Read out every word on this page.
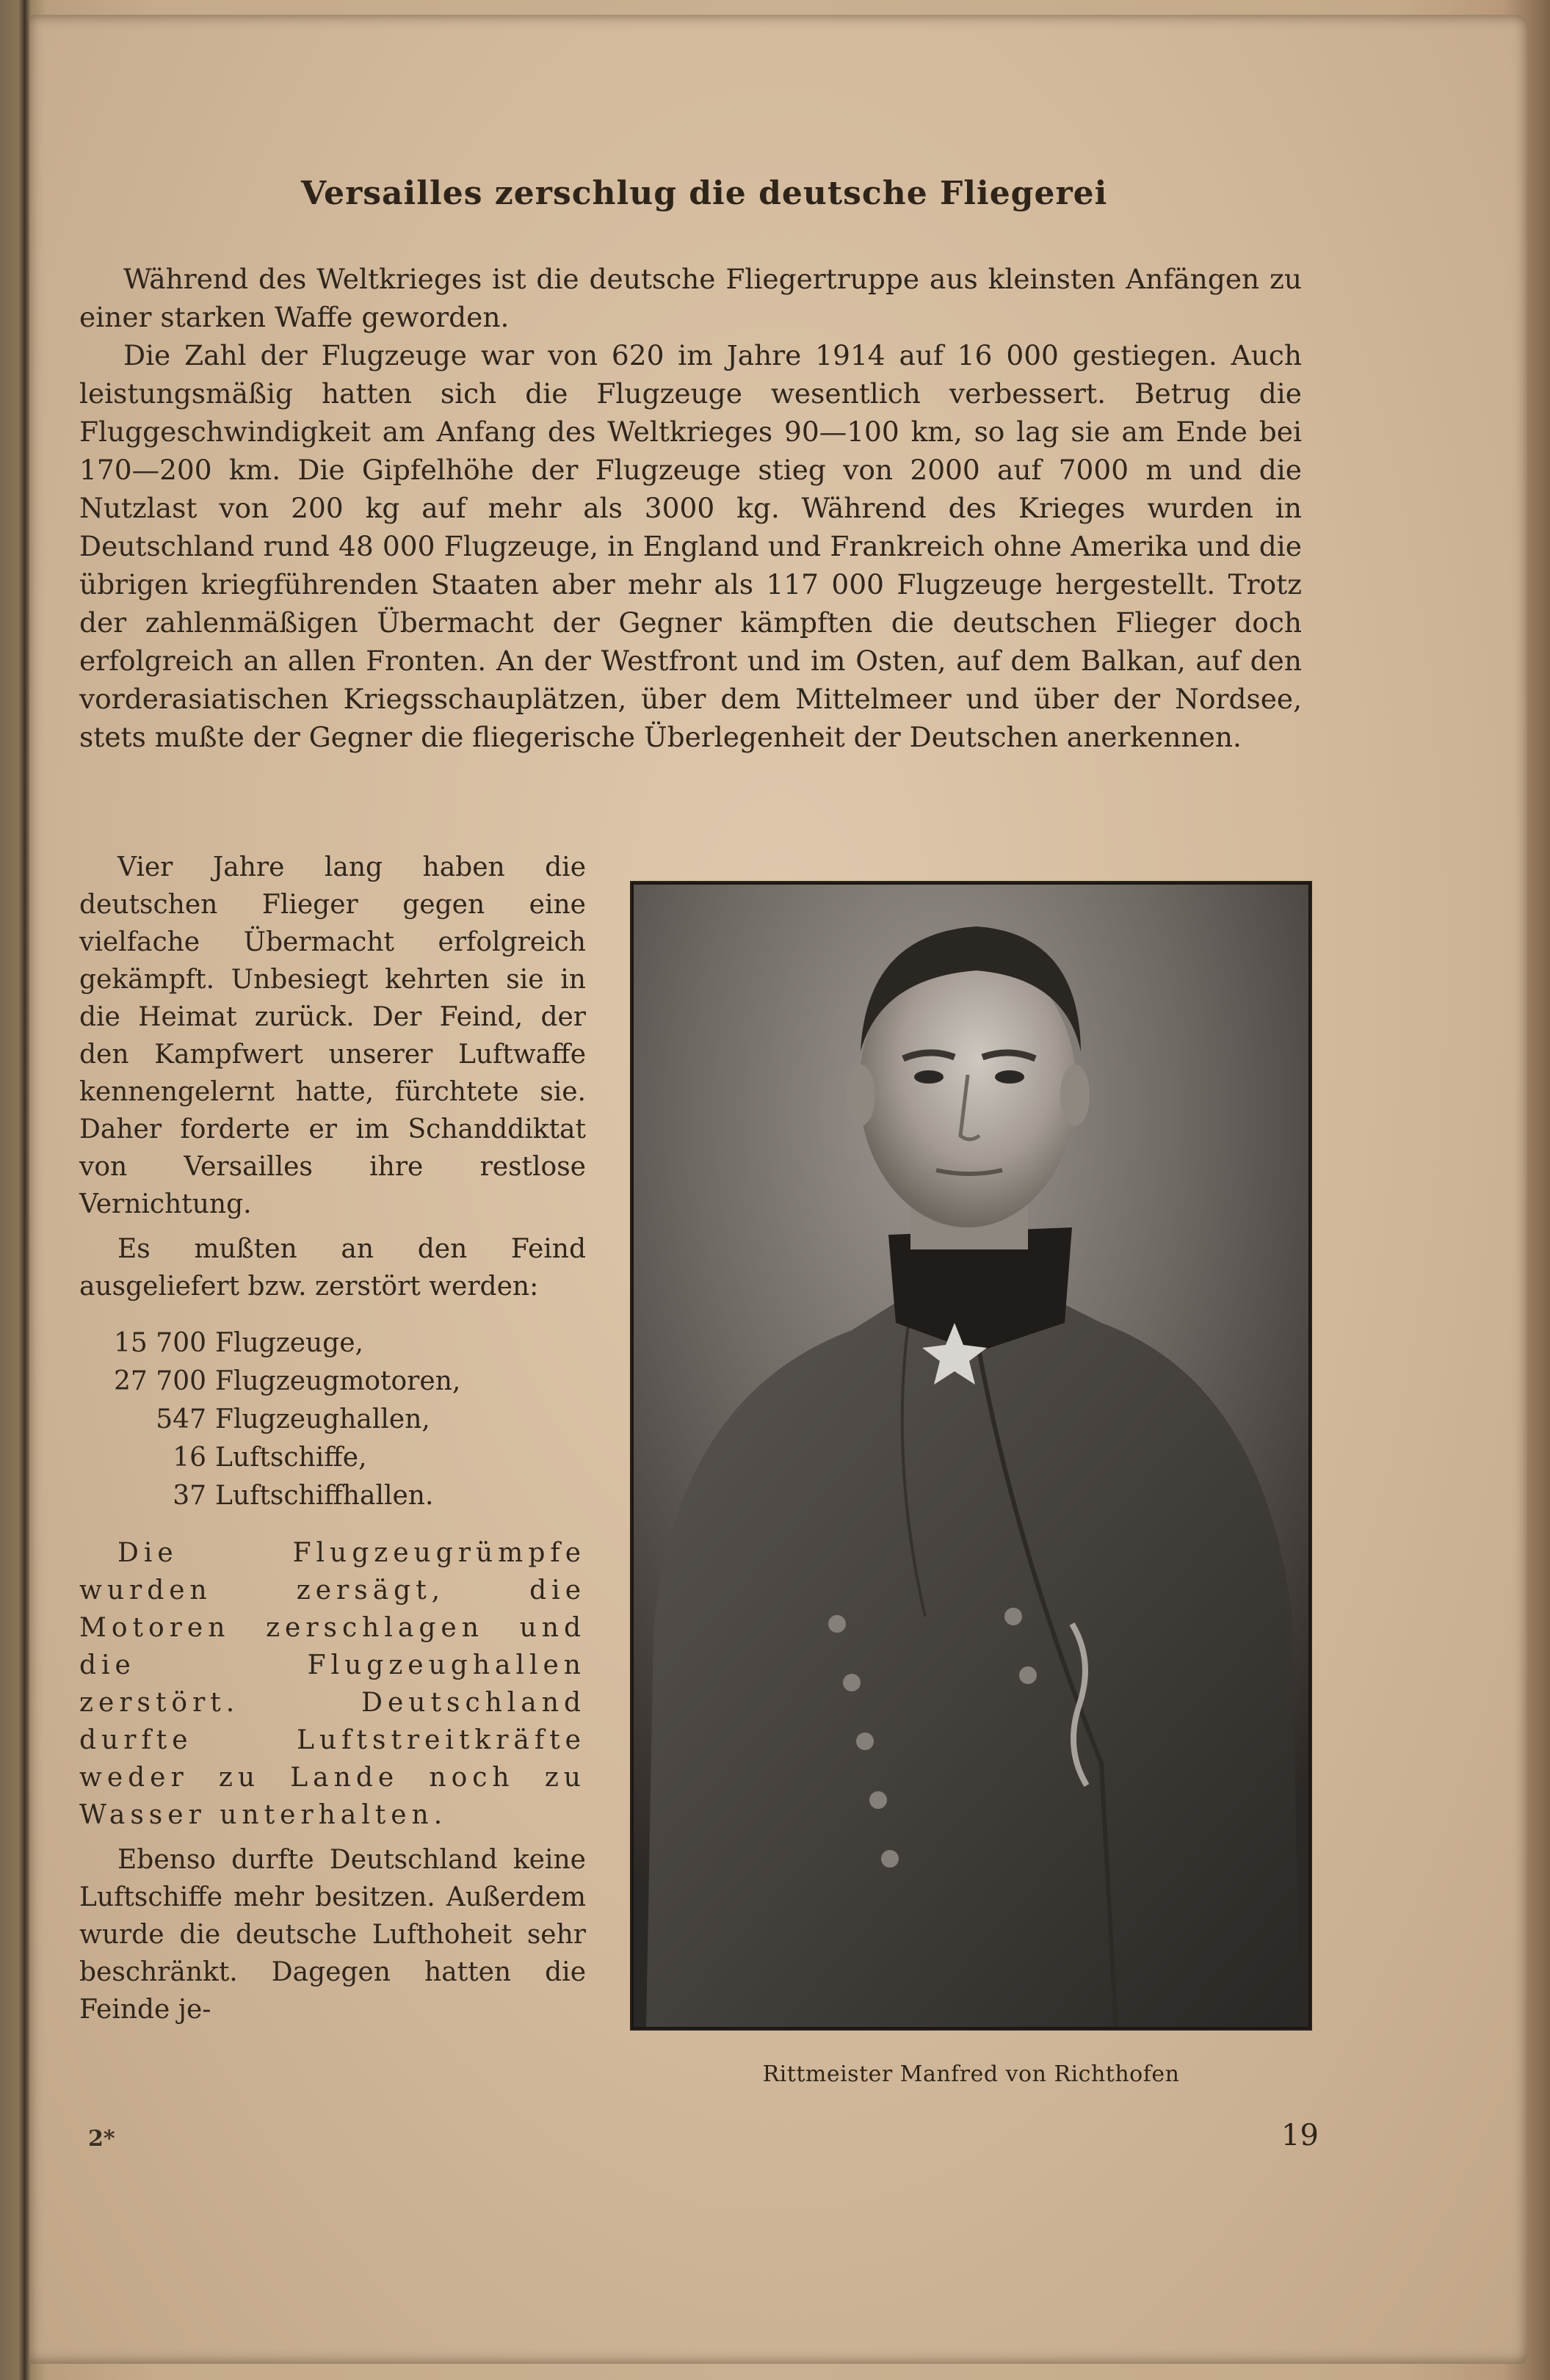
Versailles zerschlug die deutsche Fliegerei

Während des Weltkrieges ist die deutsche Fliegertruppe aus kleinsten Anfängen zu einer starken Waffe geworden.

Die Zahl der Flugzeuge war von 620 im Jahre 1914 auf 16 000 gestiegen. Auch leistungsmäßig hatten sich die Flugzeuge wesentlich verbessert. Betrug die Fluggeschwindigkeit am Anfang des Weltkrieges 90—100 km, so lag sie am Ende bei 170—200 km. Die Gipfelhöhe der Flugzeuge stieg von 2000 auf 7000 m und die Nutzlast von 200 kg auf mehr als 3000 kg. Während des Krieges wurden in Deutschland rund 48 000 Flugzeuge, in England und Frankreich ohne Amerika und die übrigen kriegführenden Staaten aber mehr als 117 000 Flugzeuge hergestellt. Trotz der zahlenmäßigen Übermacht der Gegner kämpften die deutschen Flieger doch erfolgreich an allen Fronten. An der Westfront und im Osten, auf dem Balkan, auf den vorderasiatischen Kriegsschauplätzen, über dem Mittelmeer und über der Nordsee, stets mußte der Gegner die fliegerische Überlegenheit der Deutschen anerkennen.

Vier Jahre lang haben die deutschen Flieger gegen eine vielfache Übermacht erfolgreich gekämpft. Unbesiegt kehrten sie in die Heimat zurück. Der Feind, der den Kampfwert unserer Luftwaffe kennengelernt hatte, fürchtete sie. Daher forderte er im Schanddiktat von Versailles ihre restlose Vernichtung.

Es mußten an den Feind ausgeliefert bzw. zerstört werden:

15 700 Flugzeuge,
27 700 Flugzeugmotoren,
547 Flugzeughallen,
16 Luftschiffe,
37 Luftschiffhallen.

Die Flugzeugrümpfe wurden zersägt, die Motoren zerschlagen und die Flugzeughallen zerstört. Deutschland durfte Luftstreitkräfte weder zu Lande noch zu Wasser unterhalten.

Ebenso durfte Deutschland keine Luftschiffe mehr besitzen. Außerdem wurde die deutsche Lufthoheit sehr beschränkt. Dagegen hatten die Feinde je-

Rittmeister Manfred von Richthofen
2*	19
